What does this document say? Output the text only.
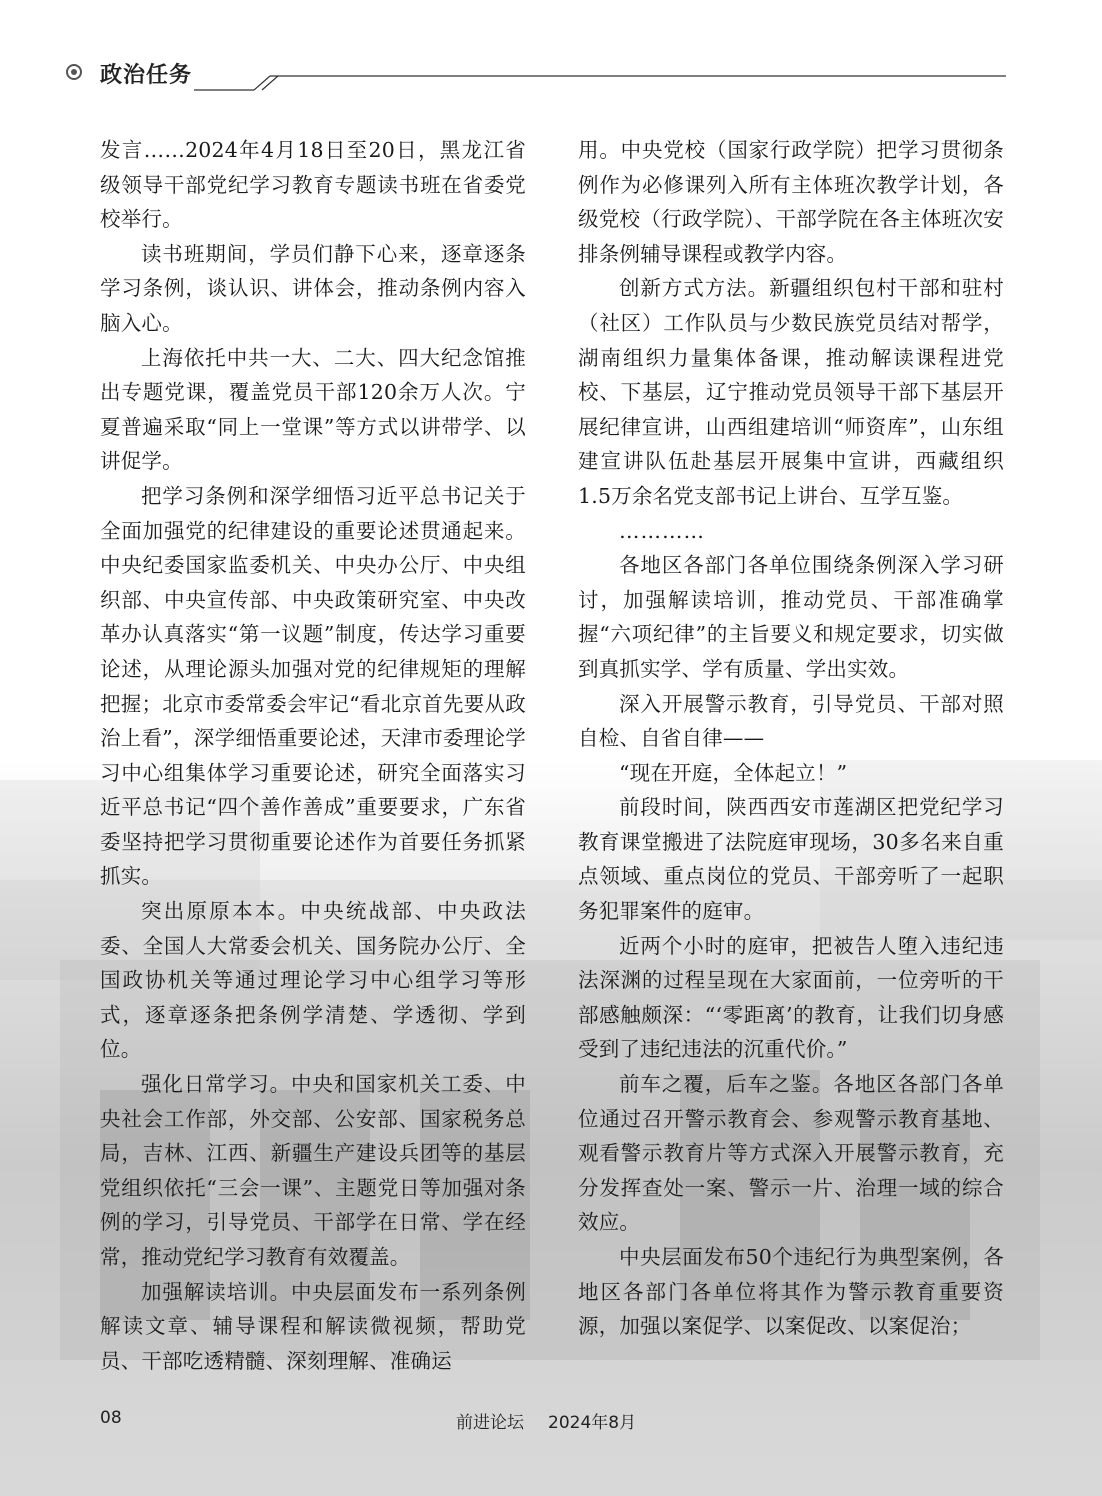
政治任务

发言……2024年4月18日至20日，黑龙江省级领导干部党纪学习教育专题读书班在省委党校举行。

读书班期间，学员们静下心来，逐章逐条学习条例，谈认识、讲体会，推动条例内容入脑入心。

上海依托中共一大、二大、四大纪念馆推出专题党课，覆盖党员干部120余万人次。宁夏普遍采取“同上一堂课”等方式以讲带学、以讲促学。

把学习条例和深学细悟习近平总书记关于全面加强党的纪律建设的重要论述贯通起来。中央纪委国家监委机关、中央办公厅、中央组织部、中央宣传部、中央政策研究室、中央改革办认真落实“第一议题”制度，传达学习重要论述，从理论源头加强对党的纪律规矩的理解把握；北京市委常委会牢记“看北京首先要从政治上看”，深学细悟重要论述，天津市委理论学习中心组集体学习重要论述，研究全面落实习近平总书记“四个善作善成”重要要求，广东省委坚持把学习贯彻重要论述作为首要任务抓紧抓实。

突出原原本本。中央统战部、中央政法委、全国人大常委会机关、国务院办公厅、全国政协机关等通过理论学习中心组学习等形式，逐章逐条把条例学清楚、学透彻、学到位。

强化日常学习。中央和国家机关工委、中央社会工作部，外交部、公安部、国家税务总局，吉林、江西、新疆生产建设兵团等的基层党组织依托“三会一课”、主题党日等加强对条例的学习，引导党员、干部学在日常、学在经常，推动党纪学习教育有效覆盖。

加强解读培训。中央层面发布一系列条例解读文章、辅导课程和解读微视频，帮助党员、干部吃透精髓、深刻理解、准确运

用。中央党校（国家行政学院）把学习贯彻条例作为必修课列入所有主体班次教学计划，各级党校（行政学院）、干部学院在各主体班次安排条例辅导课程或教学内容。

创新方式方法。新疆组织包村干部和驻村（社区）工作队员与少数民族党员结对帮学，湖南组织力量集体备课，推动解读课程进党校、下基层，辽宁推动党员领导干部下基层开展纪律宣讲，山西组建培训“师资库”，山东组建宣讲队伍赴基层开展集中宣讲，西藏组织1.5万余名党支部书记上讲台、互学互鉴。

…………

各地区各部门各单位围绕条例深入学习研讨，加强解读培训，推动党员、干部准确掌握“六项纪律”的主旨要义和规定要求，切实做到真抓实学、学有质量、学出实效。

深入开展警示教育，引导党员、干部对照自检、自省自律——

“现在开庭，全体起立！”

前段时间，陕西西安市莲湖区把党纪学习教育课堂搬进了法院庭审现场，30多名来自重点领域、重点岗位的党员、干部旁听了一起职务犯罪案件的庭审。

近两个小时的庭审，把被告人堕入违纪违法深渊的过程呈现在大家面前，一位旁听的干部感触颇深：“‘零距离’的教育，让我们切身感受到了违纪违法的沉重代价。”

前车之覆，后车之鉴。各地区各部门各单位通过召开警示教育会、参观警示教育基地、观看警示教育片等方式深入开展警示教育，充分发挥查处一案、警示一片、治理一域的综合效应。

中央层面发布50个违纪行为典型案例，各地区各部门各单位将其作为警示教育重要资源，加强以案促学、以案促改、以案促治；

08	前进论坛 2024年8月
